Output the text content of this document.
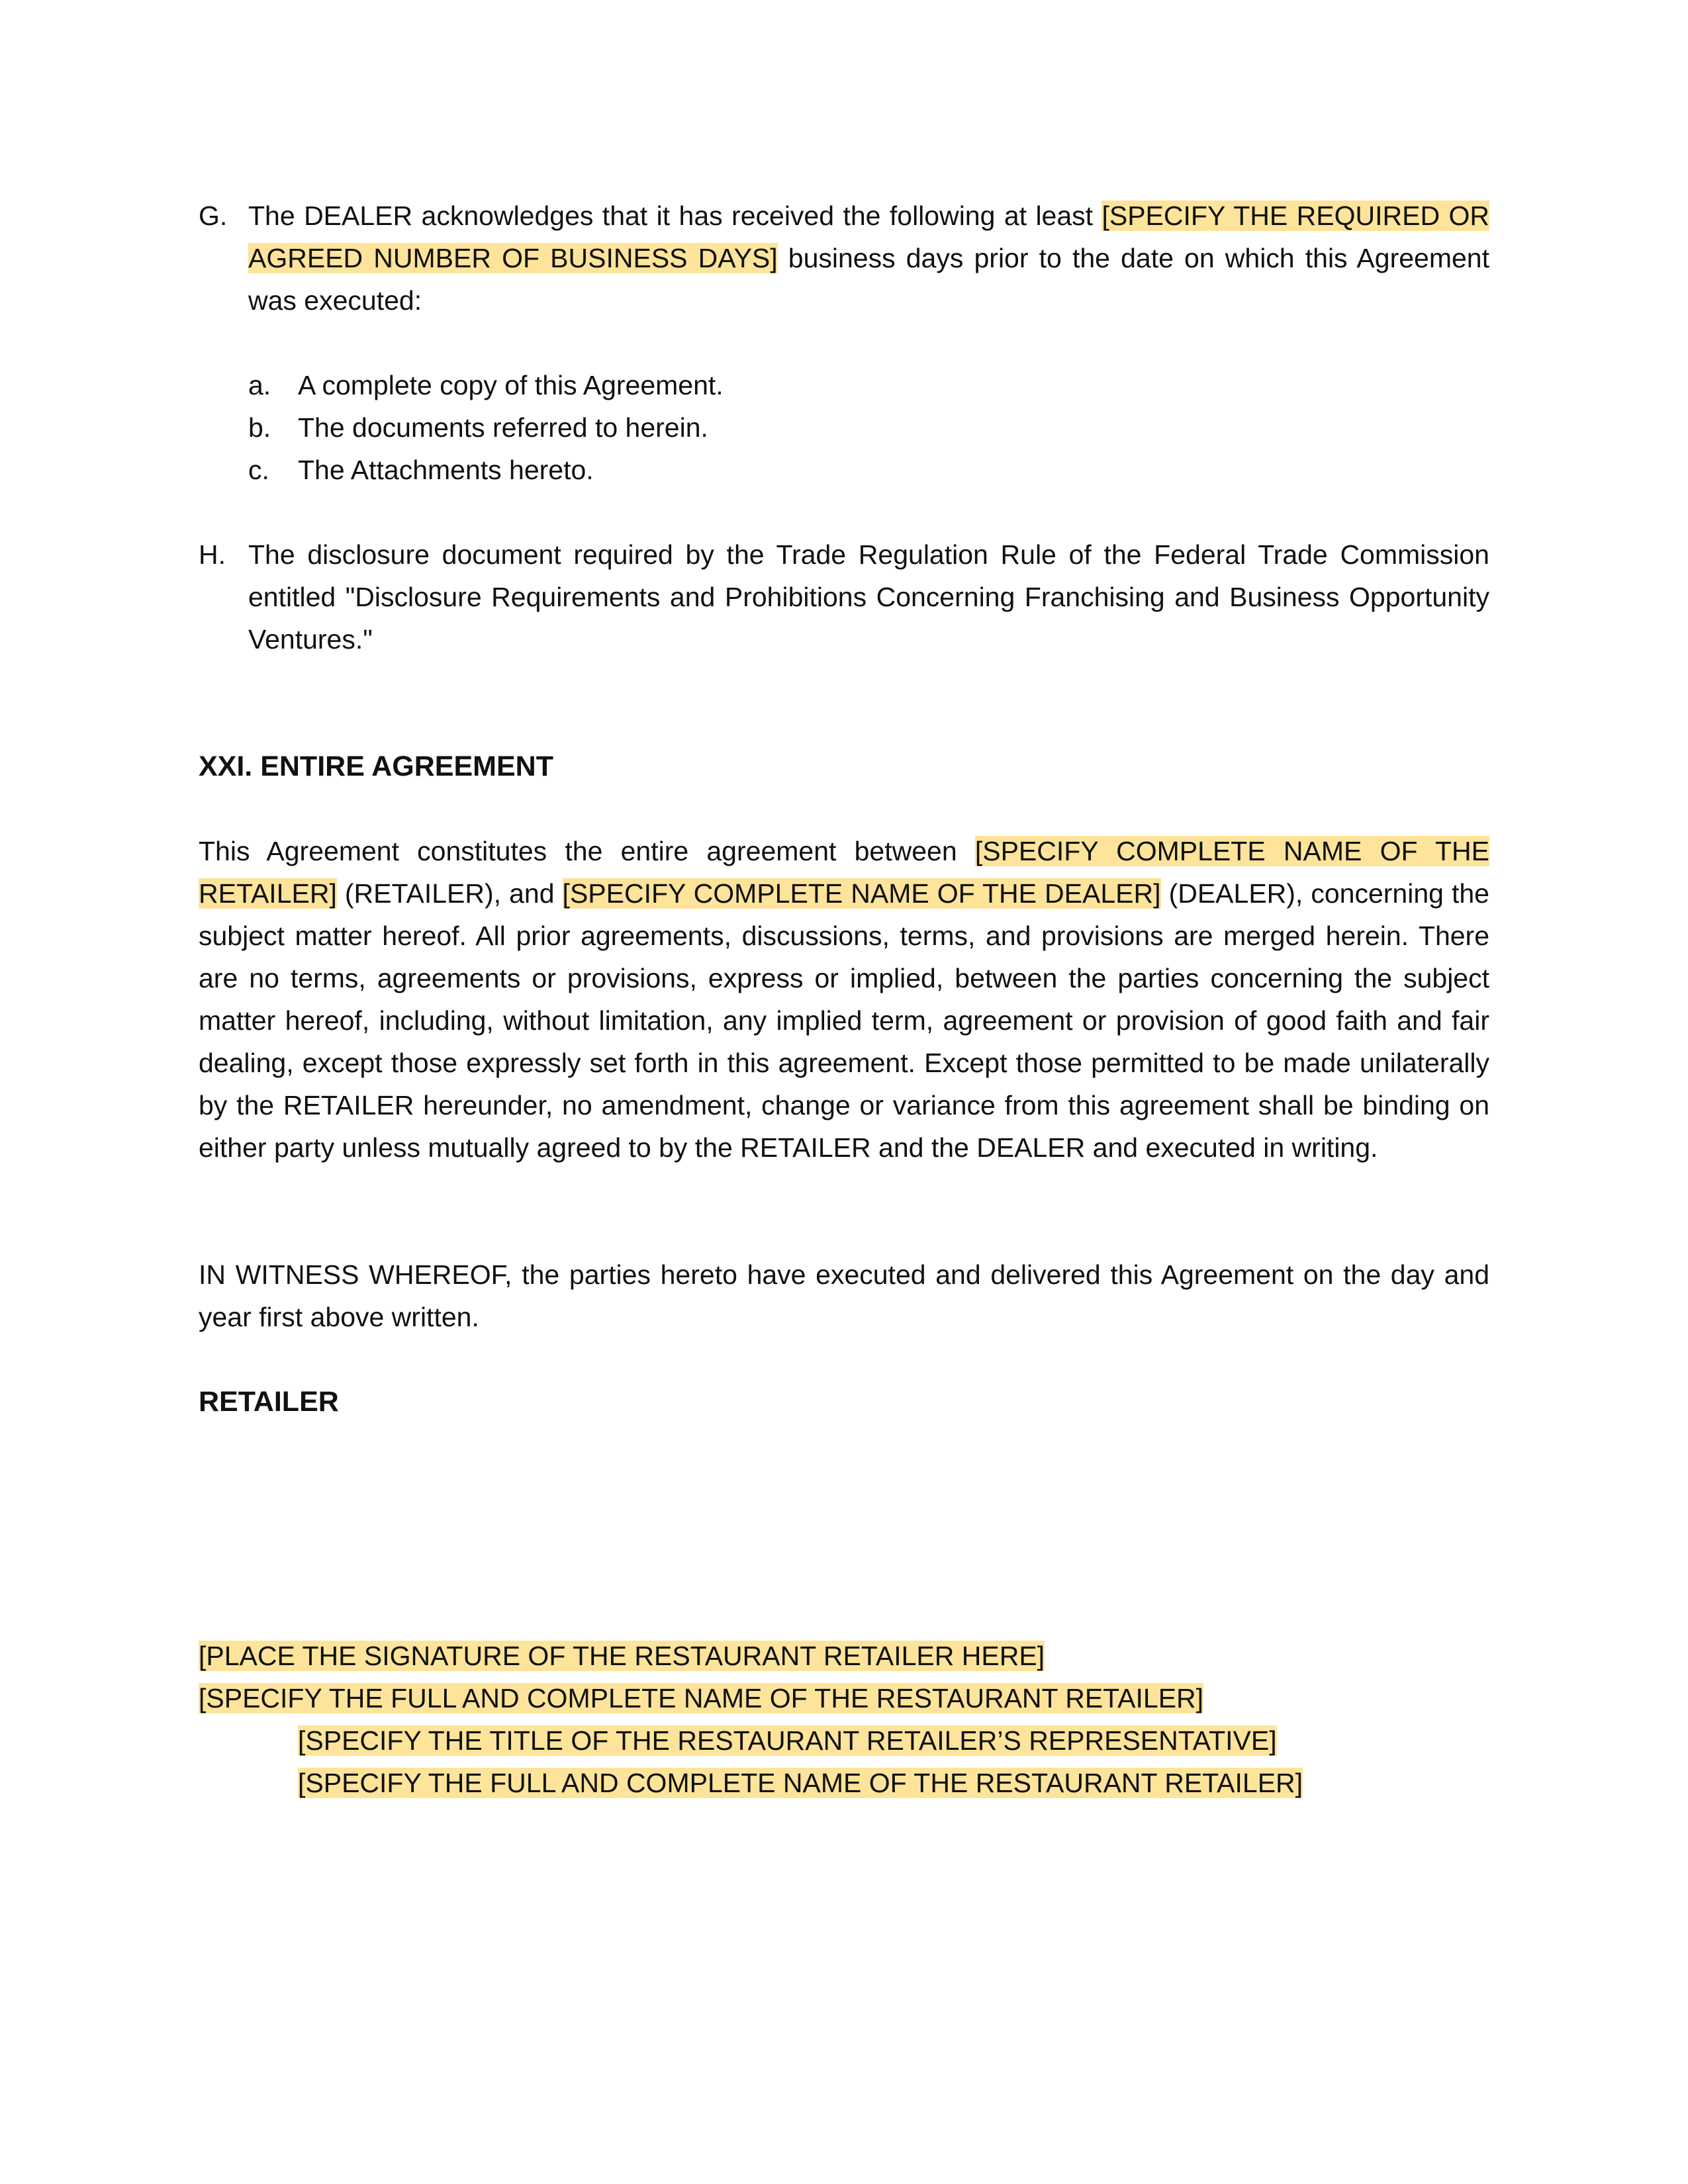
G. The DEALER acknowledges that it has received the following at least [SPECIFY THE REQUIRED OR AGREED NUMBER OF BUSINESS DAYS] business days prior to the date on which this Agreement was executed:
a. A complete copy of this Agreement.
b. The documents referred to herein.
c. The Attachments hereto.
H. The disclosure document required by the Trade Regulation Rule of the Federal Trade Commission entitled "Disclosure Requirements and Prohibitions Concerning Franchising and Business Opportunity Ventures."
XXI. ENTIRE AGREEMENT
This Agreement constitutes the entire agreement between [SPECIFY COMPLETE NAME OF THE RETAILER] (RETAILER), and [SPECIFY COMPLETE NAME OF THE DEALER] (DEALER), concerning the subject matter hereof. All prior agreements, discussions, terms, and provisions are merged herein. There are no terms, agreements or provisions, express or implied, between the parties concerning the subject matter hereof, including, without limitation, any implied term, agreement or provision of good faith and fair dealing, except those expressly set forth in this agreement. Except those permitted to be made unilaterally by the RETAILER hereunder, no amendment, change or variance from this agreement shall be binding on either party unless mutually agreed to by the RETAILER and the DEALER and executed in writing.
IN WITNESS WHEREOF, the parties hereto have executed and delivered this Agreement on the day and year first above written.
RETAILER
[PLACE THE SIGNATURE OF THE RESTAURANT RETAILER HERE]
[SPECIFY THE FULL AND COMPLETE NAME OF THE RESTAURANT RETAILER]
[SPECIFY THE TITLE OF THE RESTAURANT RETAILER’S REPRESENTATIVE]
[SPECIFY THE FULL AND COMPLETE NAME OF THE RESTAURANT RETAILER]
